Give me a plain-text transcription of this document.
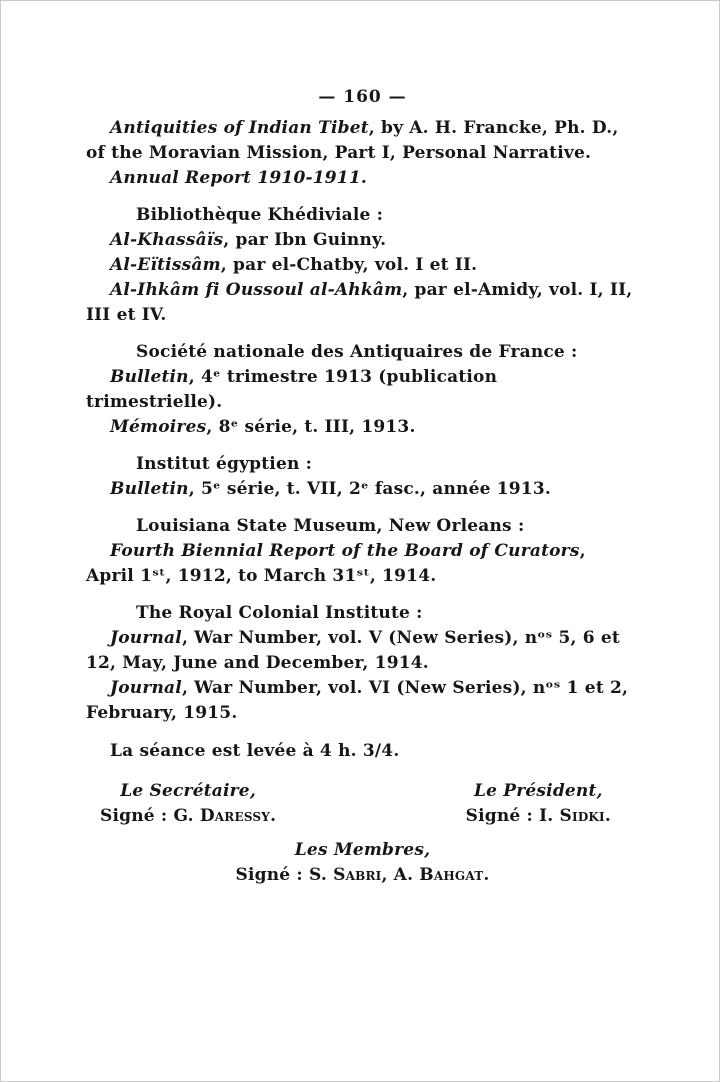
— 160 —

Antiquities of Indian Tibet, by A. H. Francke, Ph. D., of the Moravian Mission, Part I, Personal Narrative.

Annual Report 1910-1911.

Bibliothèque Khédiviale :

Al-Khassâïs, par Ibn Guinny.

Al-Eïtissâm, par el-Chatby, vol. I et II.

Al-Ihkâm fi Oussoul al-Ahkâm, par el-Amidy, vol. I, II, III et IV.

Société nationale des Antiquaires de France :

Bulletin, 4ᵉ trimestre 1913 (publication trimestrielle).

Mémoires, 8ᵉ série, t. III, 1913.

Institut égyptien :

Bulletin, 5ᵉ série, t. VII, 2ᵉ fasc., année 1913.

Louisiana State Museum, New Orleans :

Fourth Biennial Report of the Board of Curators, April 1ˢᵗ, 1912, to March 31ˢᵗ, 1914.

The Royal Colonial Institute :

Journal, War Number, vol. V (New Series), nᵒˢ 5, 6 et 12, May, June and December, 1914.

Journal, War Number, vol. VI (New Series), nᵒˢ 1 et 2, February, 1915.

La séance est levée à 4 h. 3/4.

Le Secrétaire,
Signé : G. Daressy.
Le Président,
Signé : I. Sidki.
Les Membres,
Signé : S. Sabri, A. Bahgat.
